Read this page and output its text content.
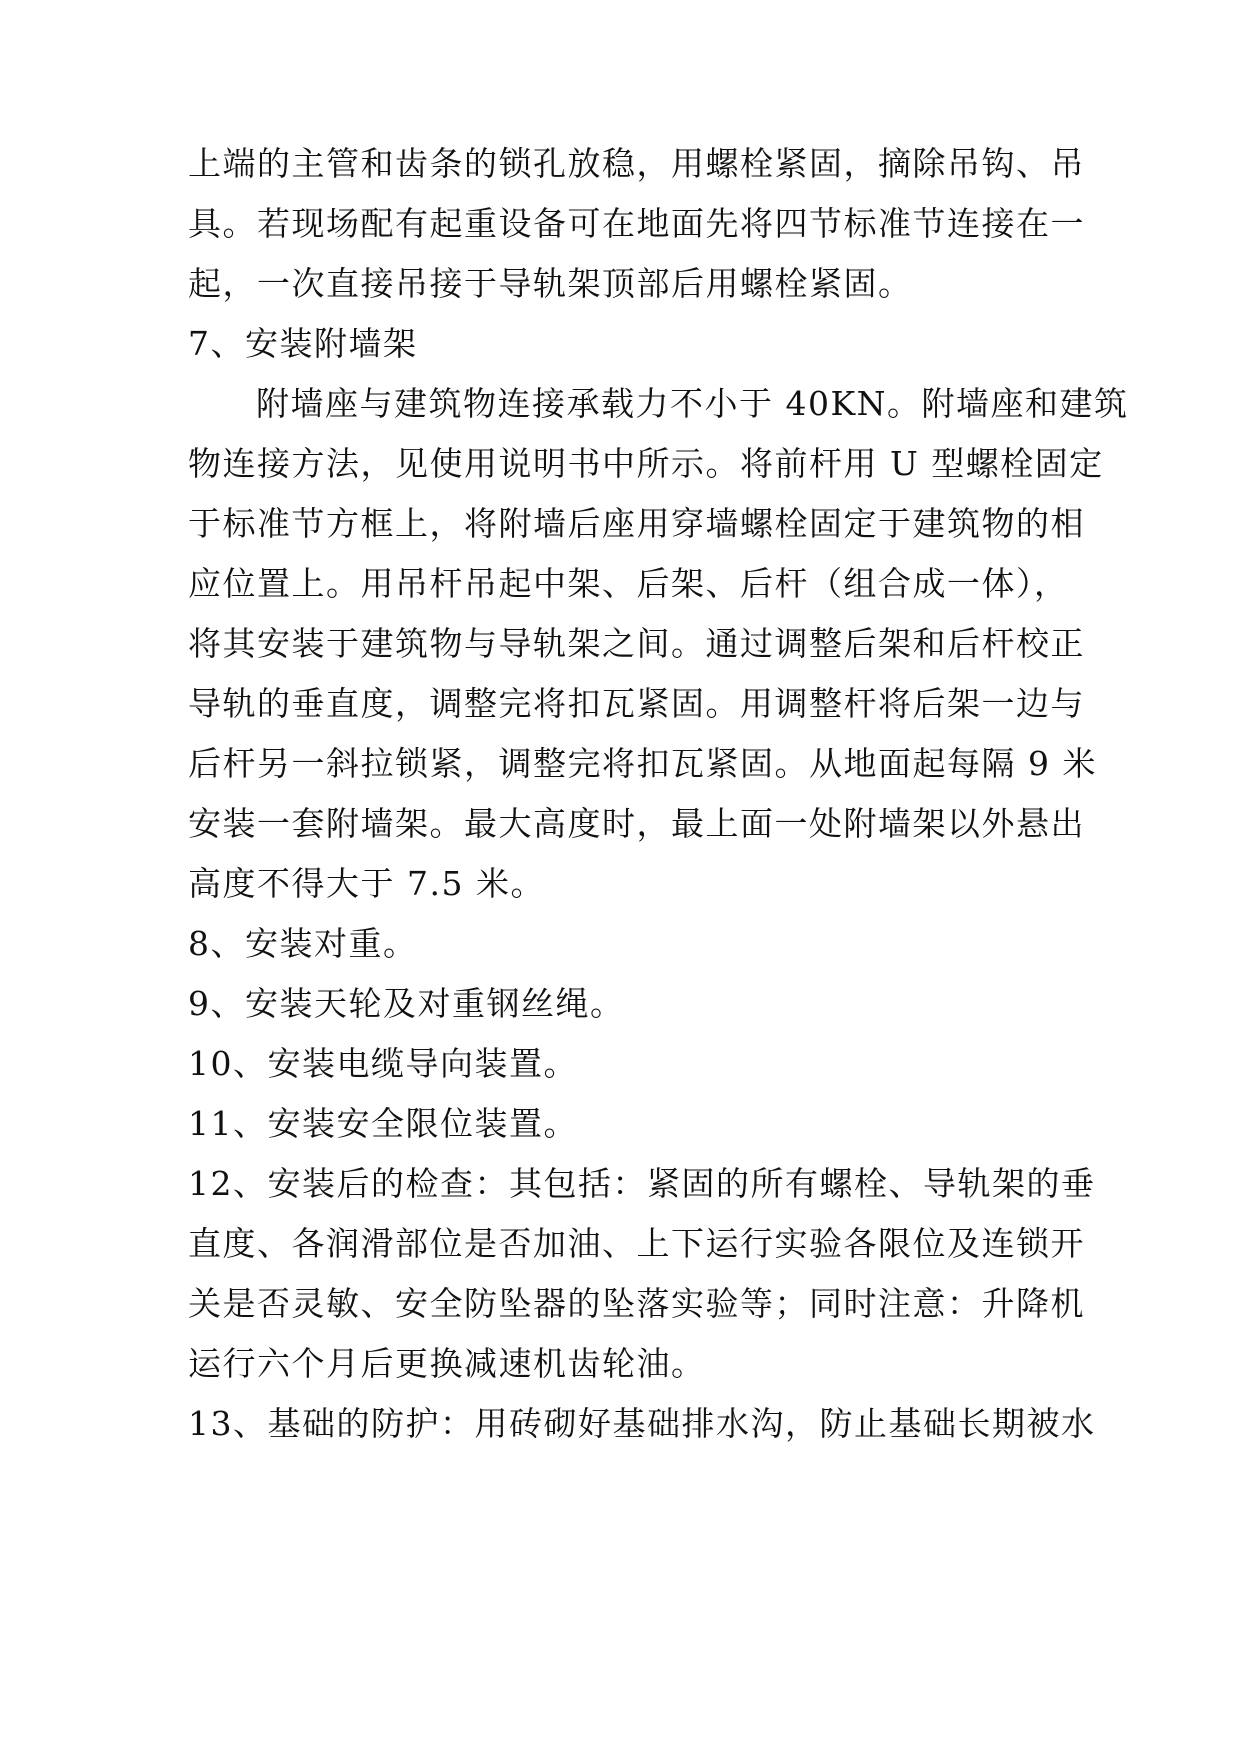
上端的主管和齿条的锁孔放稳，用螺栓紧固，摘除吊钩、吊
具。若现场配有起重设备可在地面先将四节标准节连接在一
起，一次直接吊接于导轨架顶部后用螺栓紧固。
7、安装附墙架
附墙座与建筑物连接承载力不小于 40KN。附墙座和建筑
物连接方法，见使用说明书中所示。将前杆用 U 型螺栓固定
于标准节方框上，将附墙后座用穿墙螺栓固定于建筑物的相
应位置上。用吊杆吊起中架、后架、后杆（组合成一体），
将其安装于建筑物与导轨架之间。通过调整后架和后杆校正
导轨的垂直度，调整完将扣瓦紧固。用调整杆将后架一边与
后杆另一斜拉锁紧，调整完将扣瓦紧固。从地面起每隔 9 米
安装一套附墙架。最大高度时，最上面一处附墙架以外悬出
高度不得大于 7.5 米。
8、安装对重。
9、安装天轮及对重钢丝绳。
10、安装电缆导向装置。
11、安装安全限位装置。
12、安装后的检查：其包括：紧固的所有螺栓、导轨架的垂
直度、各润滑部位是否加油、上下运行实验各限位及连锁开
关是否灵敏、安全防坠器的坠落实验等；同时注意：升降机
运行六个月后更换减速机齿轮油。
13、基础的防护：用砖砌好基础排水沟，防止基础长期被水
